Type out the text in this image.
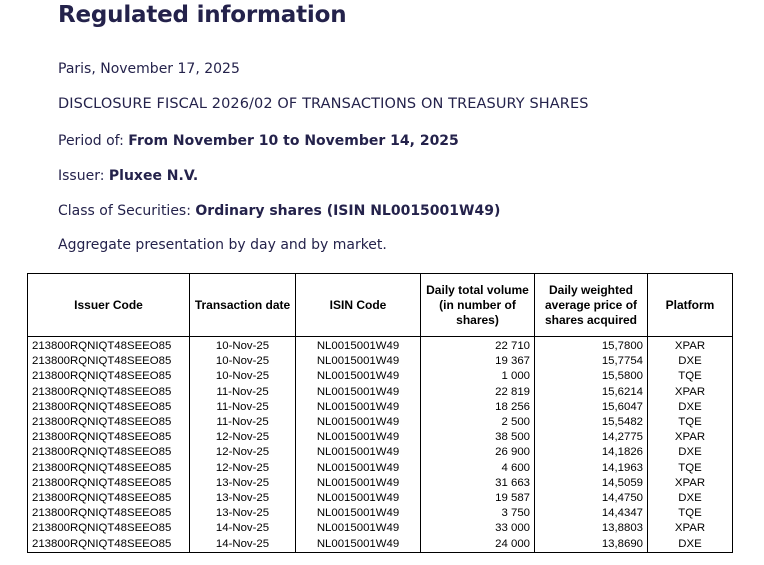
Regulated information
Paris, November 17, 2025
DISCLOSURE FISCAL 2026/02 OF TRANSACTIONS ON TREASURY SHARES
Period of: From November 10 to November 14, 2025
Issuer: Pluxee N.V.
Class of Securities: Ordinary shares (ISIN NL0015001W49)
Aggregate presentation by day and by market.
Issuer Code	Transaction date	ISIN Code	Daily total volume (in number of shares)	Daily weighted average price of shares acquired	Platform
213800RQNIQT48SEEO85	10-Nov-25	NL0015001W49	22 710	15,7800	XPAR
213800RQNIQT48SEEO85	10-Nov-25	NL0015001W49	19 367	15,7754	DXE
213800RQNIQT48SEEO85	10-Nov-25	NL0015001W49	1 000	15,5800	TQE
213800RQNIQT48SEEO85	11-Nov-25	NL0015001W49	22 819	15,6214	XPAR
213800RQNIQT48SEEO85	11-Nov-25	NL0015001W49	18 256	15,6047	DXE
213800RQNIQT48SEEO85	11-Nov-25	NL0015001W49	2 500	15,5482	TQE
213800RQNIQT48SEEO85	12-Nov-25	NL0015001W49	38 500	14,2775	XPAR
213800RQNIQT48SEEO85	12-Nov-25	NL0015001W49	26 900	14,1826	DXE
213800RQNIQT48SEEO85	12-Nov-25	NL0015001W49	4 600	14,1963	TQE
213800RQNIQT48SEEO85	13-Nov-25	NL0015001W49	31 663	14,5059	XPAR
213800RQNIQT48SEEO85	13-Nov-25	NL0015001W49	19 587	14,4750	DXE
213800RQNIQT48SEEO85	13-Nov-25	NL0015001W49	3 750	14,4347	TQE
213800RQNIQT48SEEO85	14-Nov-25	NL0015001W49	33 000	13,8803	XPAR
213800RQNIQT48SEEO85	14-Nov-25	NL0015001W49	24 000	13,8690	DXE
